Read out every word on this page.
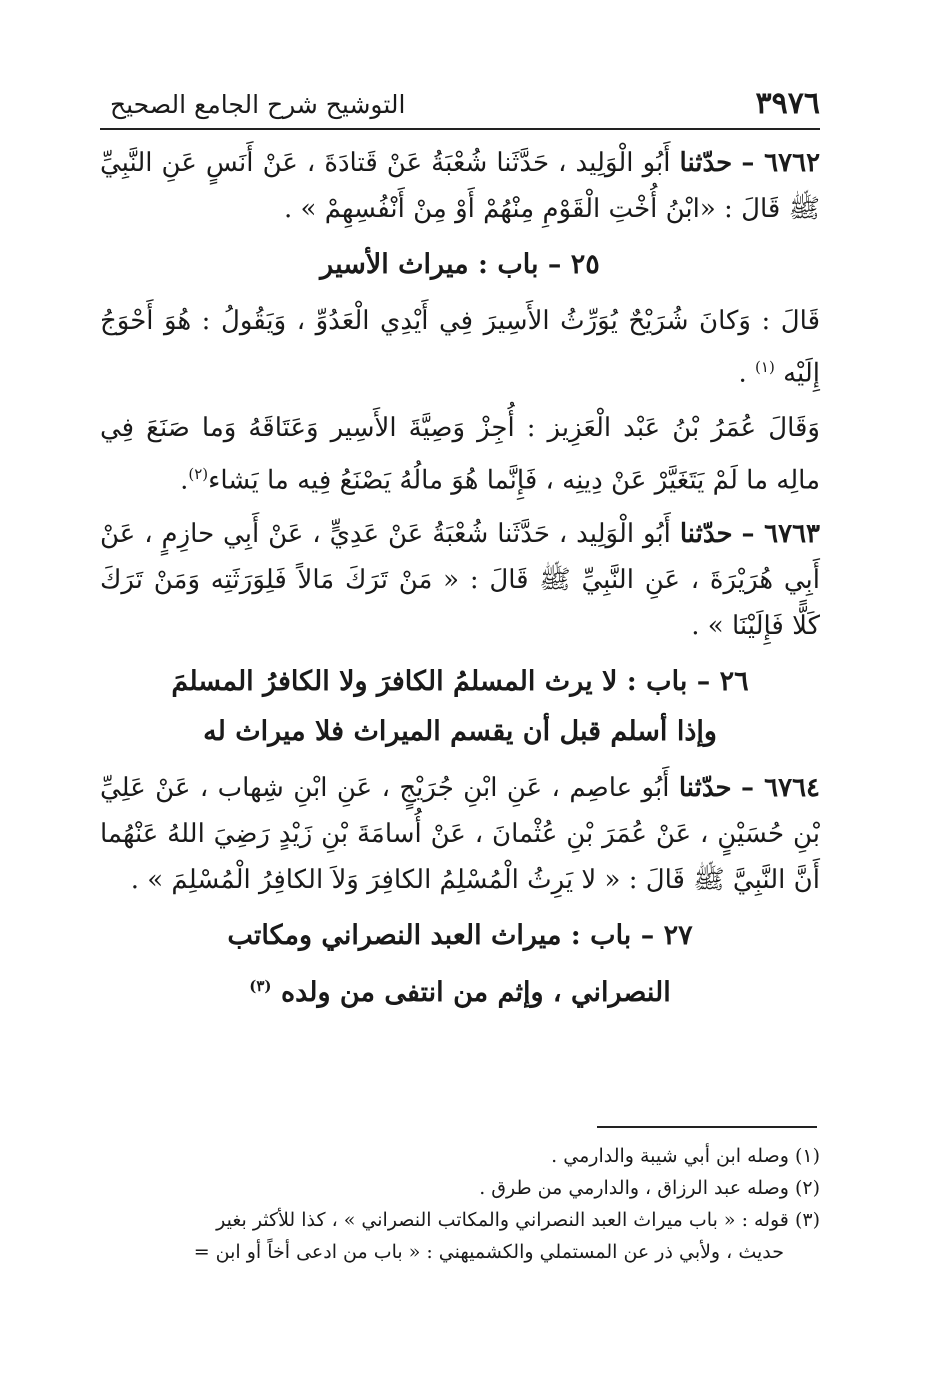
٣٩٧٦
التوشيح شرح الجامع الصحيح

٦٧٦٢ – حدّثنا أَبُو الْوَلِيد ، حَدَّثَنا شُعْبَةُ عَنْ قَتادَةَ ، عَنْ أَنَسٍ عَنِ النَّبِيِّ ﷺ قَالَ : «ابْنُ أُخْتِ الْقَوْمِ مِنْهُمْ أَوْ مِنْ أَنْفُسِهِمْ » .

٢٥ – باب : ميراث الأسير

قَالَ : وَكانَ شُرَيْحٌ يُوَرِّثُ الأَسِيرَ فِي أَيْدِي الْعَدُوِّ ، وَيَقُولُ : هُوَ أَحْوَجُ إِلَيْه $^{(١)}$ .

وَقَالَ عُمَرُ بْنُ عَبْد الْعَزِيز : أُجِزْ وَصِيَّةَ الأَسِير وَعَتَاقَهُ وَما صَنَعَ فِي مالِه ما لَمْ يَتَغَيَّرْ عَنْ دِينِه ، فَإِنَّما هُوَ مالُهُ يَصْنَعُ فِيه ما يَشاء$^{(٢)}$.

٦٧٦٣ – حدّثنا أَبُو الْوَلِيد ، حَدَّثَنا شُعْبَةُ عَنْ عَدِيٍّ ، عَنْ أَبِي حازِمٍ ، عَنْ أَبِي هُرَيْرَةَ ، عَنِ النَّبِيِّ ﷺ قَالَ : « مَنْ تَرَكَ مَالاً فَلِوَرَثَتِه وَمَنْ تَرَكَ كَلًّا فَإِلَيْنَا » .

٢٦ – باب : لا يرث المسلمُ الكافرَ ولا الكافرُ المسلمَ
وإذا أسلم قبل أن يقسم الميراث فلا ميراث له

٦٧٦٤ – حدّثنا أَبُو عاصِم ، عَنِ ابْنِ جُرَيْجٍ ، عَنِ ابْنِ شِهاب ، عَنْ عَلِيِّ بْنِ حُسَيْنٍ ، عَنْ عُمَرَ بْنِ عُثْمانَ ، عَنْ أُسامَةَ بْنِ زَيْدٍ رَضِيَ اللهُ عَنْهُما أَنَّ النَّبِيَّ ﷺ قَالَ : « لا يَرِثُ الْمُسْلِمُ الكافِرَ وَلاَ الكافِرُ الْمُسْلِمَ » .

٢٧ – باب : ميراث العبد النصراني ومكاتب
النصراني ، وإثم من انتفى من ولده $^{(٣)}$

(١) وصله ابن أبي شيبة والدارمي .

(٢) وصله عبد الرزاق ، والدارمي من طرق .

(٣) قوله : « باب ميراث العبد النصراني والمكاتب النصراني » ، كذا للأكثر بغير
حديث ، ولأبي ذر عن المستملي والكشميهني : « باب من ادعى أخاً أو ابن =
